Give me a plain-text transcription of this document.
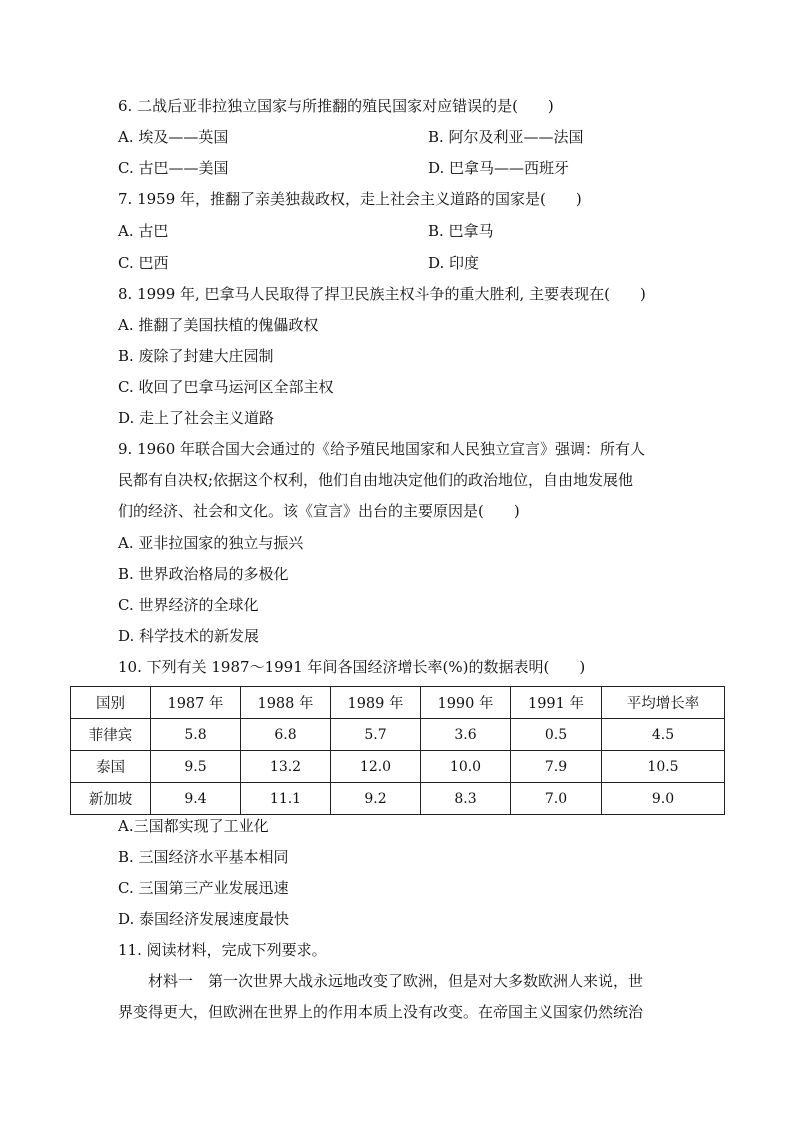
6. 二战后亚非拉独立国家与所推翻的殖民国家对应错误的是(　　)
A. 埃及——英国	B. 阿尔及利亚——法国
C. 古巴——美国	D. 巴拿马——西班牙
7. 1959 年，推翻了亲美独裁政权，走上社会主义道路的国家是(　　)
A. 古巴	B. 巴拿马
C. 巴西	D. 印度
8. 1999 年, 巴拿马人民取得了捍卫民族主权斗争的重大胜利, 主要表现在(　　)
A. 推翻了美国扶植的傀儡政权
B. 废除了封建大庄园制
C. 收回了巴拿马运河区全部主权
D. 走上了社会主义道路
9. 1960 年联合国大会通过的《给予殖民地国家和人民独立宣言》强调：所有人
民都有自决权;依据这个权利，他们自由地决定他们的政治地位，自由地发展他
们的经济、社会和文化。该《宣言》出台的主要原因是(　　)
A. 亚非拉国家的独立与振兴
B. 世界政治格局的多极化
C. 世界经济的全球化
D. 科学技术的新发展
10. 下列有关 1987～1991 年间各国经济增长率(%)的数据表明(　　)
国别	1987 年	1988 年	1989 年	1990 年	1991 年	平均增长率
菲律宾	5.8	6.8	5.7	3.6	0.5	4.5
泰国	9.5	13.2	12.0	10.0	7.9	10.5
新加坡	9.4	11.1	9.2	8.3	7.0	9.0
A.三国都实现了工业化
B. 三国经济水平基本相同
C. 三国第三产业发展迅速
D. 泰国经济发展速度最快
11. 阅读材料，完成下列要求。
材料一　第一次世界大战永远地改变了欧洲，但是对大多数欧洲人来说，世
界变得更大，但欧洲在世界上的作用本质上没有改变。在帝国主义国家仍然统治
